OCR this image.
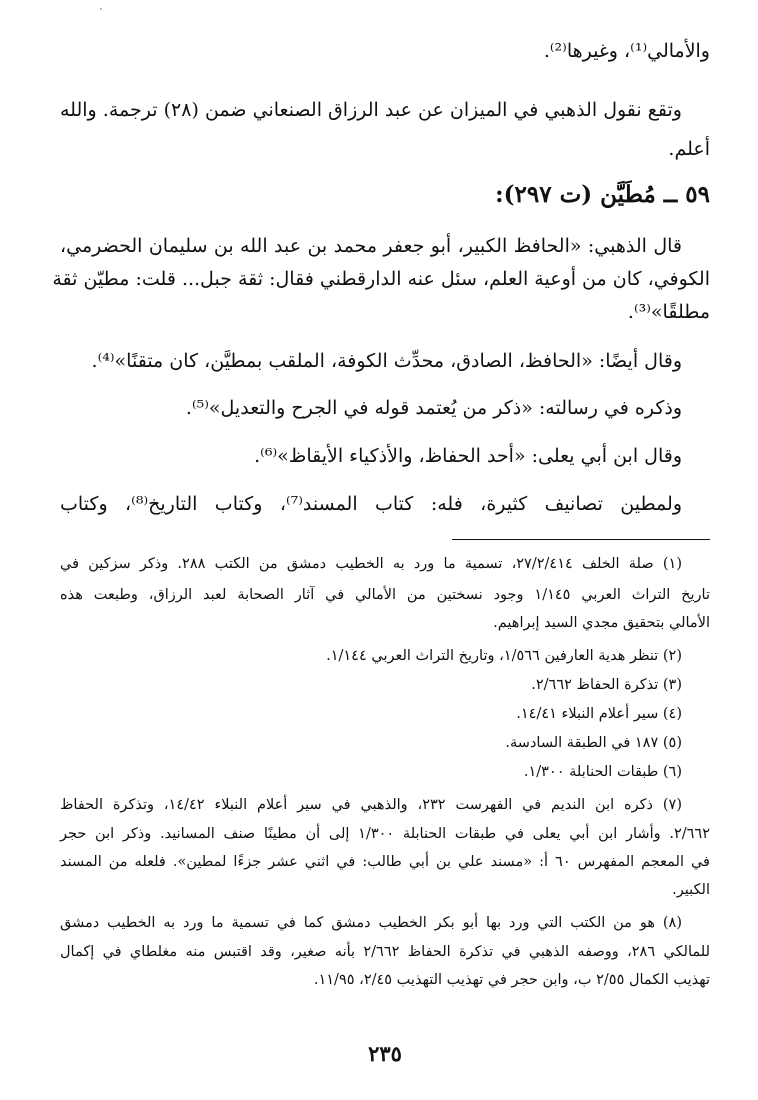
والأمالي⁽¹⁾، وغيرها⁽²⁾.
وتقع نقول الذهبي في الميزان عن عبد الرزاق الصنعاني ضمن (٢٨) ترجمة. والله
أعلم.
٥٩ ــ مُطَيَّن (ت ٢٩٧):
قال الذهبي: «الحافظ الكبير، أبو جعفر محمد بن عبد الله بن سليمان الحضرمي،
الكوفي، كان من أوعية العلم، سئل عنه الدارقطني فقال: ثقة جبل... قلت: مطيّن ثقة
مطلقًا»⁽³⁾.
وقال أيضًا: «الحافظ، الصادق، محدِّث الكوفة، الملقب بمطيَّن، كان متقنًا»⁽⁴⁾.
وذكره في رسالته: «ذكر من يُعتمد قوله في الجرح والتعديل»⁽⁵⁾.
وقال ابن أبي يعلى: «أحد الحفاظ، والأذكياء الأيقاظ»⁽⁶⁾.
ولمطين تصانيف كثيرة، فله: كتاب المسند⁽⁷⁾، وكتاب التاريخ⁽⁸⁾، وكتاب
(١) صلة الخلف ٢٧/٢/٤١٤، تسمية ما ورد به الخطيب دمشق من الكتب ٢٨٨. وذكر سزكين في
تاريخ التراث العربي ١/١٤٥ وجود نسختين من الأمالي في آثار الصحابة لعبد الرزاق، وطبعت هذه
الأمالي بتحقيق مجدي السيد إبراهيم.
(٢) تنظر هدية العارفين ١/٥٦٦، وتاريخ التراث العربي ١/١٤٤.
(٣) تذكرة الحفاظ ٢/٦٦٢.
(٤) سير أعلام النبلاء ١٤/٤١.
(٥) ١٨٧ في الطبقة السادسة.
(٦) طبقات الحنابلة ١/٣٠٠.
(٧) ذكره ابن النديم في الفهرست ٢٣٢، والذهبي في سير أعلام النبلاء ١٤/٤٢، وتذكرة الحفاظ
٢/٦٦٢. وأشار ابن أبي يعلى في طبقات الحنابلة ١/٣٠٠ إلى أن مطينًا صنف المسانيد. وذكر ابن حجر
في المعجم المفهرس ٦٠ أ: «مسند علي بن أبي طالب: في اثني عشر جزءًا لمطين». فلعله من المسند
الكبير.
(٨) هو من الكتب التي ورد بها أبو بكر الخطيب دمشق كما في تسمية ما ورد به الخطيب دمشق
للمالكي ٢٨٦، ووصفه الذهبي في تذكرة الحفاظ ٢/٦٦٢ بأنه صغير، وقد اقتبس منه مغلطاي في إكمال
تهذيب الكمال ٢/٥٥ ب، وابن حجر في تهذيب التهذيب ٢/٤٥، ١١/٩٥.
٢٣٥
